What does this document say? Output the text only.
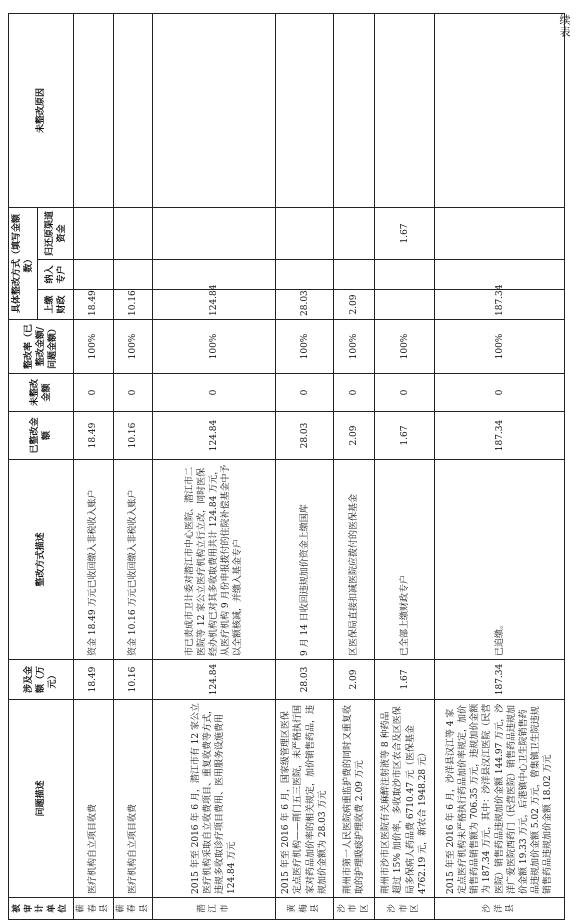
续表
被审计单位	问题描述	涉及金额（万元）	整改方式描述	已整改金额	未整改金额	整改率（已整改金额/问题金额）	具体整改方式（填写金额数）			未整改原因
							上缴财政	纳入专户	归还原渠道资金	
蕲春县	医疗机构自立项目收费	18.49	资金 18.49 万元已收回缴入非税收入账户	18.49	0	100%	18.49			
蕲春县	医疗机构自立项目收费	10.16	资金 10.16 万元已收回缴入非税收入账户	10.16	0	100%	10.16			
潜江市	2015 年至 2016 年 6 月，潜江市有 12 家公立医疗机构采取自立收费项目、重复收费等方式，违规多收取诊疗项目费用、医用服务设施费用 124.84 万元	124.84	市已责成市卫计委对潜江市中心医院、潜江市二医院等 12 家公立医疗机构立行立改，同时医保经办机构已对其多收取费用共计 124.84 万元，从医疗机构 9 月份申报拨付的住院补偿基金中予以全额核减，并缴入基金专户	124.84	0	100%	124.84			
黄梅县	2015 年至 2016 年 6 月，国家级管理区医保定点医疗机构——荆门五三医院，未严格执行国家对药品加价率的相关规定，加价销售药品，违规加价金额为 28.03 万元	28.03	9 月 14 日收回违规加价资金上缴国库	28.03	0	100%	28.03			
沙市区	荆州市第一人民医院病重监护费的同时又重复收取的护理吸痰护理收费 2.09 万元	2.09	区医保局直接扣减医院应拨付的医保基金	2.09	0	100%	2.09			
沙市区	荆州市沙市区医院有关麻醉注射液等 8 种药品超过 15% 加价率，多收取沙市区农合及区医保局多保病人药品费 6710.47 元（医保基金 4762.19 元，新农合 1948.28 元）	1.67	已全部上缴财政专户	1.67	0	100%			1.67	
沙洋县	2015 年至 2016 年 6 月，沙洋县汉江等 4 家定点医疗机构未严格执行药品加价率规定，加价销售药品销售额为 706.35 万元，违规加价金额为 187.34 万元，其中：沙洋县汉江医院（民营医院）销售药品违规加价金额 144.97 万元，沙洋广爱医院西药门（民营医院）销售药品违规加价金额 19.33 万元，后港镇中心卫生院销售药品违规加价金额 5.02 万元，曾集镇卫生院违规销售药品违规加价金额 18.02 万元	187.34	已追缴。	187.34	0	100%	187.34			
